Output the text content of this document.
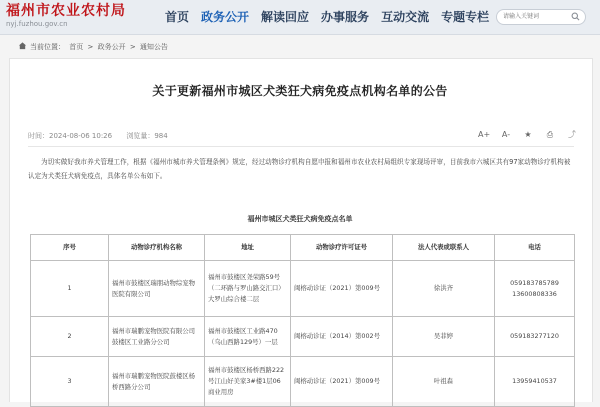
福州市农业农村局
nyj.fuzhou.gov.cn	首页 政务公开 解读回应 办事服务 互动交流 专题专栏
请输入关键词
当前位置： 首页 > 政务公开 > 通知公告
关于更新福州市城区犬类狂犬病免疫点机构名单的公告
时间：2024-08-06 10:26 浏览量：984	A+ A-	★	⎙	⤴
为切实做好我市养犬管理工作，根据《福州市城市养犬管理条例》规定，经过动物诊疗机构自愿申报和福州市农业农村局组织专家现场评审，目前我市六城区共有97家动物诊疗机构被认定为犬类狂犬病免疫点，具体名单公布如下。
福州市城区犬类狂犬病免疫点名单
序号	动物诊疗机构名称	地址	动物诊疗许可证号	法人代表或联系人	电话
1	福州市鼓楼区瑞朋动物综宠物医院有限公司	福州市鼓楼区尧荣路59号（二环路与罗山路交汇口）大罗山综合楼二层	闽榕动诊证（2021）第009号	徐洪齐	059183785789
13600808336
2	福州市瑞鹏宠物医院有限公司鼓楼区工业路分公司	福州市鼓楼区工业路470（乌山西路129号）一层	闽榕动诊证（2014）第002号	吴菲婷	059183277120
3	福州市瑞鹏宠物医院鼓楼区杨桥西路分公司	福州市鼓楼区杨桥西路222号江山好美家3#楼1层06商业用房	闽榕动诊证（2021）第009号	叶祖森	13959410537
